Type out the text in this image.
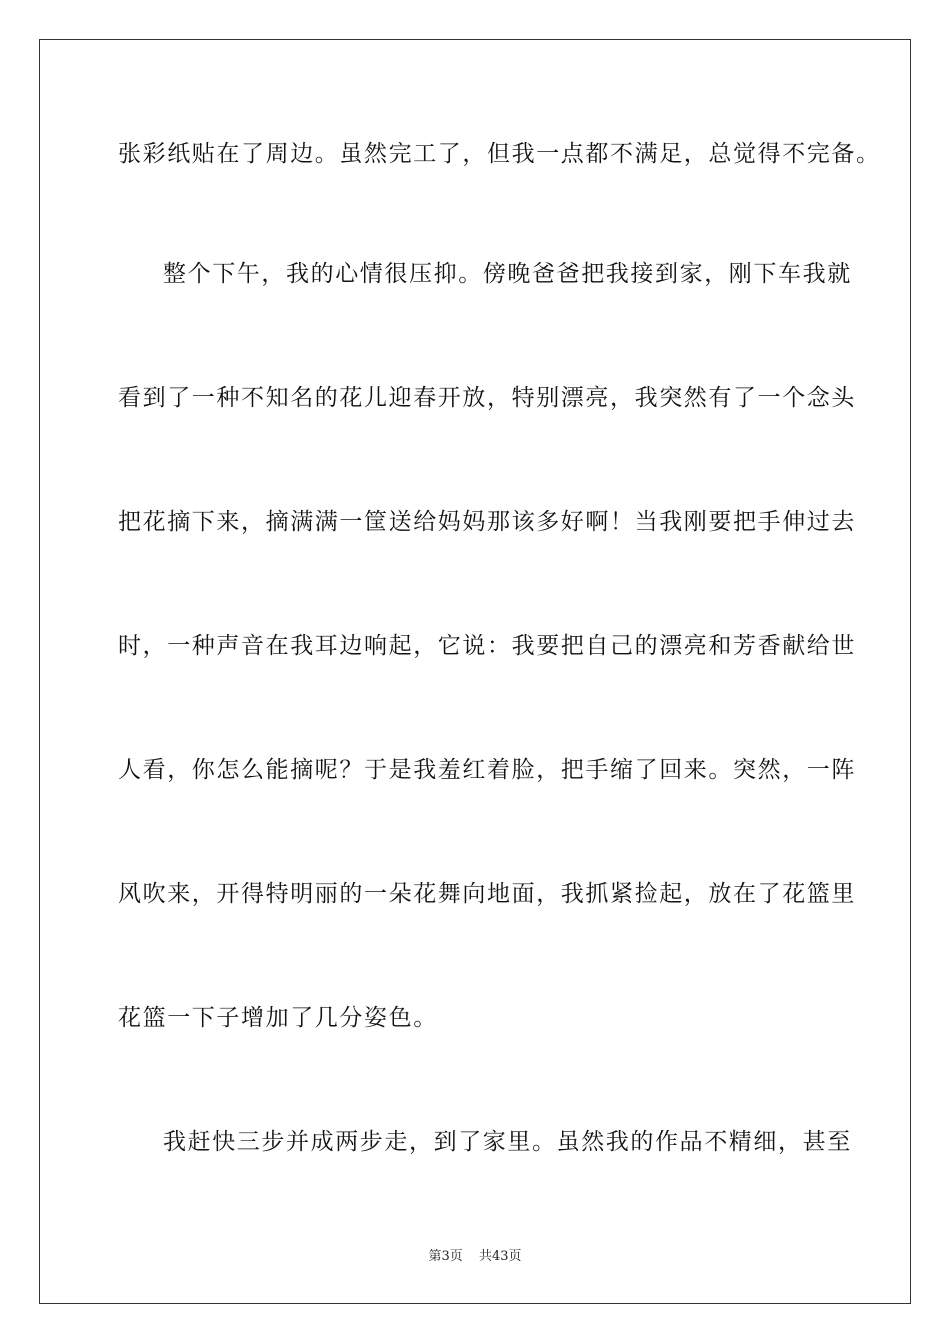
张彩纸贴在了周边。虽然完工了，但我一点都不满足，总觉得不完备。
整个下午，我的心情很压抑。傍晚爸爸把我接到家，刚下车我就
看到了一种不知名的花儿迎春开放，特别漂亮，我突然有了一个念头
把花摘下来，摘满满一筐送给妈妈那该多好啊！当我刚要把手伸过去
时，一种声音在我耳边响起，它说：我要把自己的漂亮和芳香献给世
人看，你怎么能摘呢？于是我羞红着脸，把手缩了回来。突然，一阵
风吹来，开得特明丽的一朵花舞向地面，我抓紧捡起，放在了花篮里
花篮一下子增加了几分姿色。
我赶快三步并成两步走，到了家里。虽然我的作品不精细，甚至
第3页 共43页
